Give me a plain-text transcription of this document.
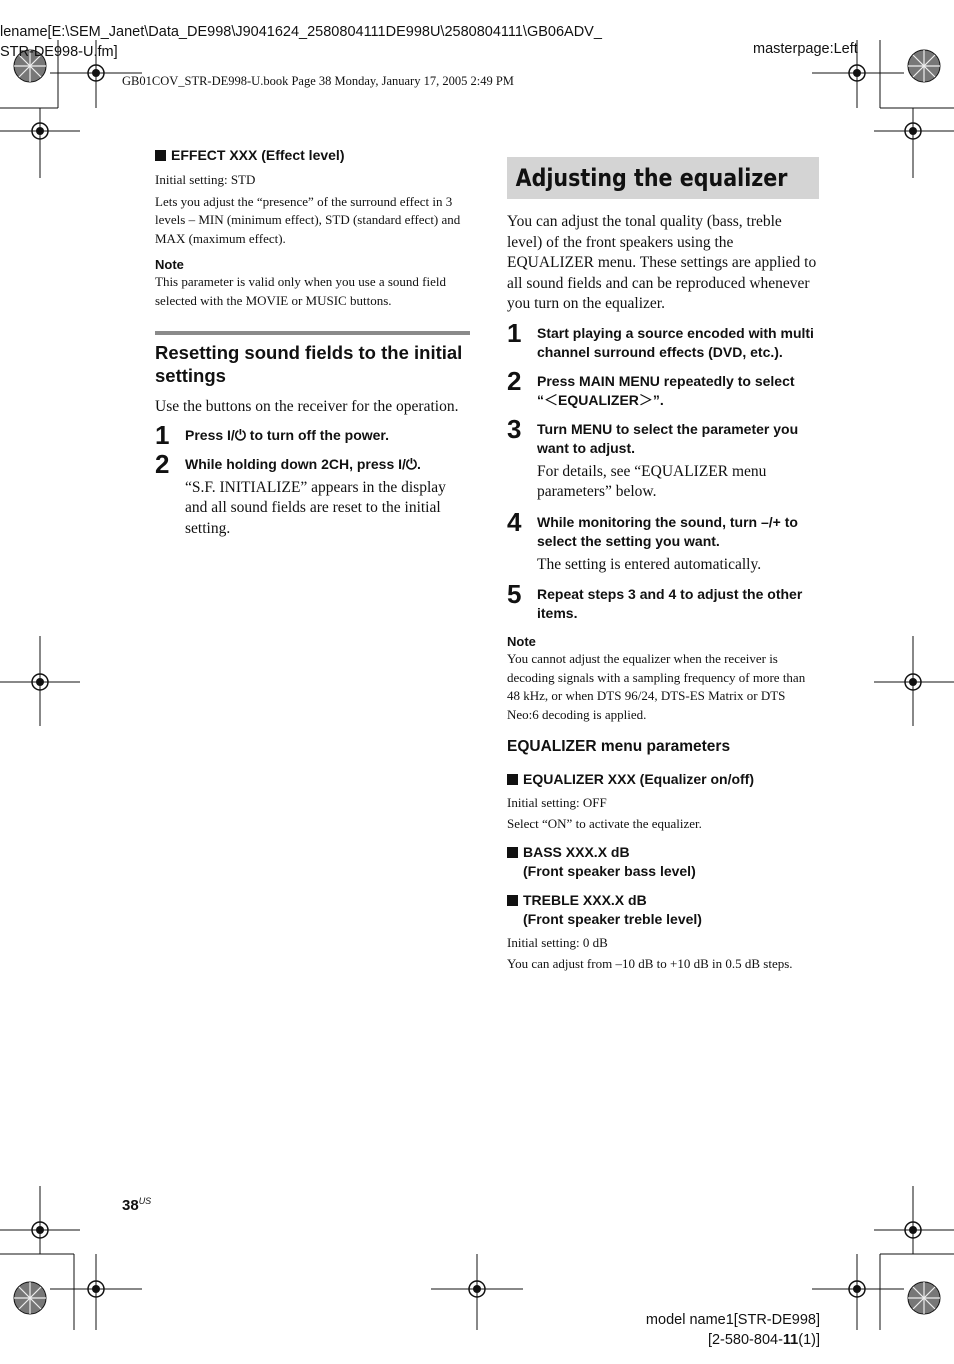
lename[E:\SEM_Janet\Data_DE998\J9041624_2580804111DE998U\2580804111\GB06ADV_
STR-DE998-U.fm]	masterpage:Left
GB01COV_STR-DE998-U.book Page 38 Monday, January 17, 2005 2:49 PM

EFFECT XXX (Effect level)

Initial setting: STD

Lets you adjust the “presence” of the surround effect in 3 levels – MIN (minimum effect), STD (standard effect) and MAX (maximum effect).

Note

This parameter is valid only when you use a sound field selected with the MOVIE or MUSIC buttons.

Resetting sound fields to the initial settings

Use the buttons on the receiver for the operation.

1 Press I/⏻ to turn off the power.

2 While holding down 2CH, press I/⏻.

“S.F. INITIALIZE” appears in the display and all sound fields are reset to the initial setting.

Adjusting the equalizer

You can adjust the tonal quality (bass, treble level) of the front speakers using the EQUALIZER menu. These settings are applied to all sound fields and can be reproduced whenever you turn on the equalizer.

1 Start playing a source encoded with multi channel surround effects (DVD, etc.).

2 Press MAIN MENU repeatedly to select “＜EQUALIZER＞”.

3 Turn MENU to select the parameter you want to adjust.

For details, see “EQUALIZER menu parameters” below.

4 While monitoring the sound, turn –/+ to select the setting you want.

The setting is entered automatically.

5 Repeat steps 3 and 4 to adjust the other items.

Note

You cannot adjust the equalizer when the receiver is decoding signals with a sampling frequency of more than 48 kHz, or when DTS 96/24, DTS-ES Matrix or DTS Neo:6 decoding is applied.

EQUALIZER menu parameters

EQUALIZER XXX (Equalizer on/off)

Initial setting: OFF

Select “ON” to activate the equalizer.

BASS XXX.X dB
(Front speaker bass level)
TREBLE XXX.X dB
(Front speaker treble level)

Initial setting: 0 dB

You can adjust from –10 dB to +10 dB in 0.5 dB steps.

$38^{US}$
model name1[STR-DE998]
[2-580-804-11(1)]
